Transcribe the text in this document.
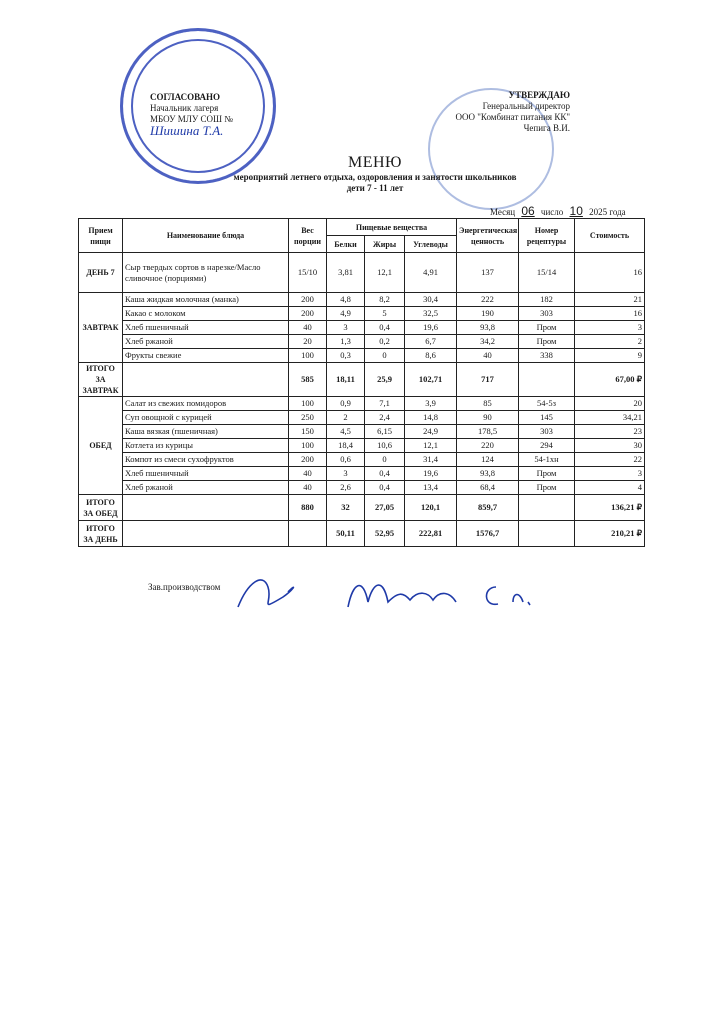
СОГЛАСОВАНО
Начальник лагеря
МБОУ МЛУ СОШ №
Шишина Т.А.
УТВЕРЖДАЮ
Генеральный директор
ООО "Комбинат питания КК"
Чепига В.И.
МЕНЮ
мероприятий летнего отдыха, оздоровления и занятости школьников
дети 7 - 11 лет
Месяц 06 число 10 2025 года
Прием пищи	Наименование блюда	Вес порции	Пищевые вещества			Энергетическая ценность	Номер рецептуры	Стоимость
			Белки	Жиры	Углеводы			
ДЕНЬ 7	Сыр твердых сортов в нарезке/Масло сливочное (порциями)	15/10	3,81	12,1	4,91	137	15/14	16
ЗАВТРАК	Каша жидкая молочная (манка)	200	4,8	8,2	30,4	222	182	21
	Какао с молоком	200	4,9	5	32,5	190	303	16
	Хлеб пшеничный	40	3	0,4	19,6	93,8	Пром	3
	Хлеб ржаной	20	1,3	0,2	6,7	34,2	Пром	2
	Фрукты свежие	100	0,3	0	8,6	40	338	9
ИТОГО ЗА ЗАВТРАК		585	18,11	25,9	102,71	717		67,00 ₽
ОБЕД	Салат из свежих помидоров	100	0,9	7,1	3,9	85	54-5з	20
	Суп овощной с курицей	250	2	2,4	14,8	90	145	34,21
	Каша вязкая (пшеничная)	150	4,5	6,15	24,9	178,5	303	23
	Котлета из курицы	100	18,4	10,6	12,1	220	294	30
	Компот из смеси сухофруктов	200	0,6	0	31,4	124	54-1хн	22
	Хлеб пшеничный	40	3	0,4	19,6	93,8	Пром	3
	Хлеб ржаной	40	2,6	0,4	13,4	68,4	Пром	4
ИТОГО ЗА ОБЕД		880	32	27,05	120,1	859,7		136,21 ₽
ИТОГО ЗА ДЕНЬ			50,11	52,95	222,81	1576,7		210,21 ₽
Зав.производством
